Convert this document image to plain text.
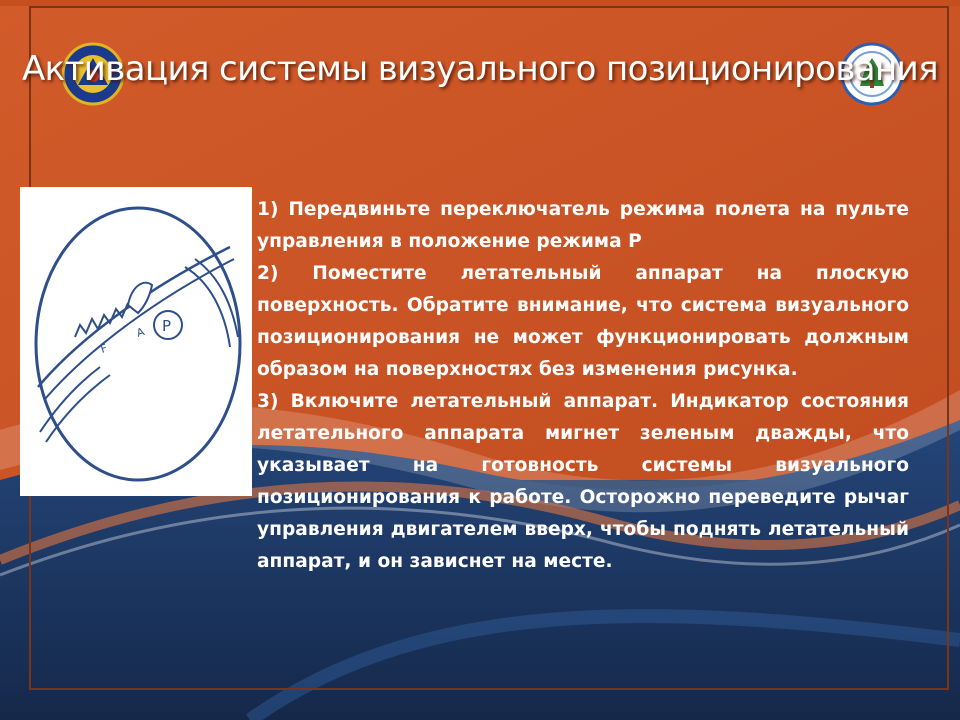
Активация системы визуального позиционирования
F
A P

1) Передвиньте переключатель режима полета на пульте управления в положение режима Р

2) Поместите летательный аппарат на плоскую поверхность. Обратите внимание, что система визуального позиционирования не может функционировать должным образом на поверхностях без изменения рисунка.

3) Включите летательный аппарат. Индикатор состояния летательного аппарата мигнет зеленым дважды, что указывает на готовность системы визуального позиционирования к работе. Осторожно переведите рычаг управления двигателем вверх, чтобы поднять летательный аппарат, и он зависнет на месте.
